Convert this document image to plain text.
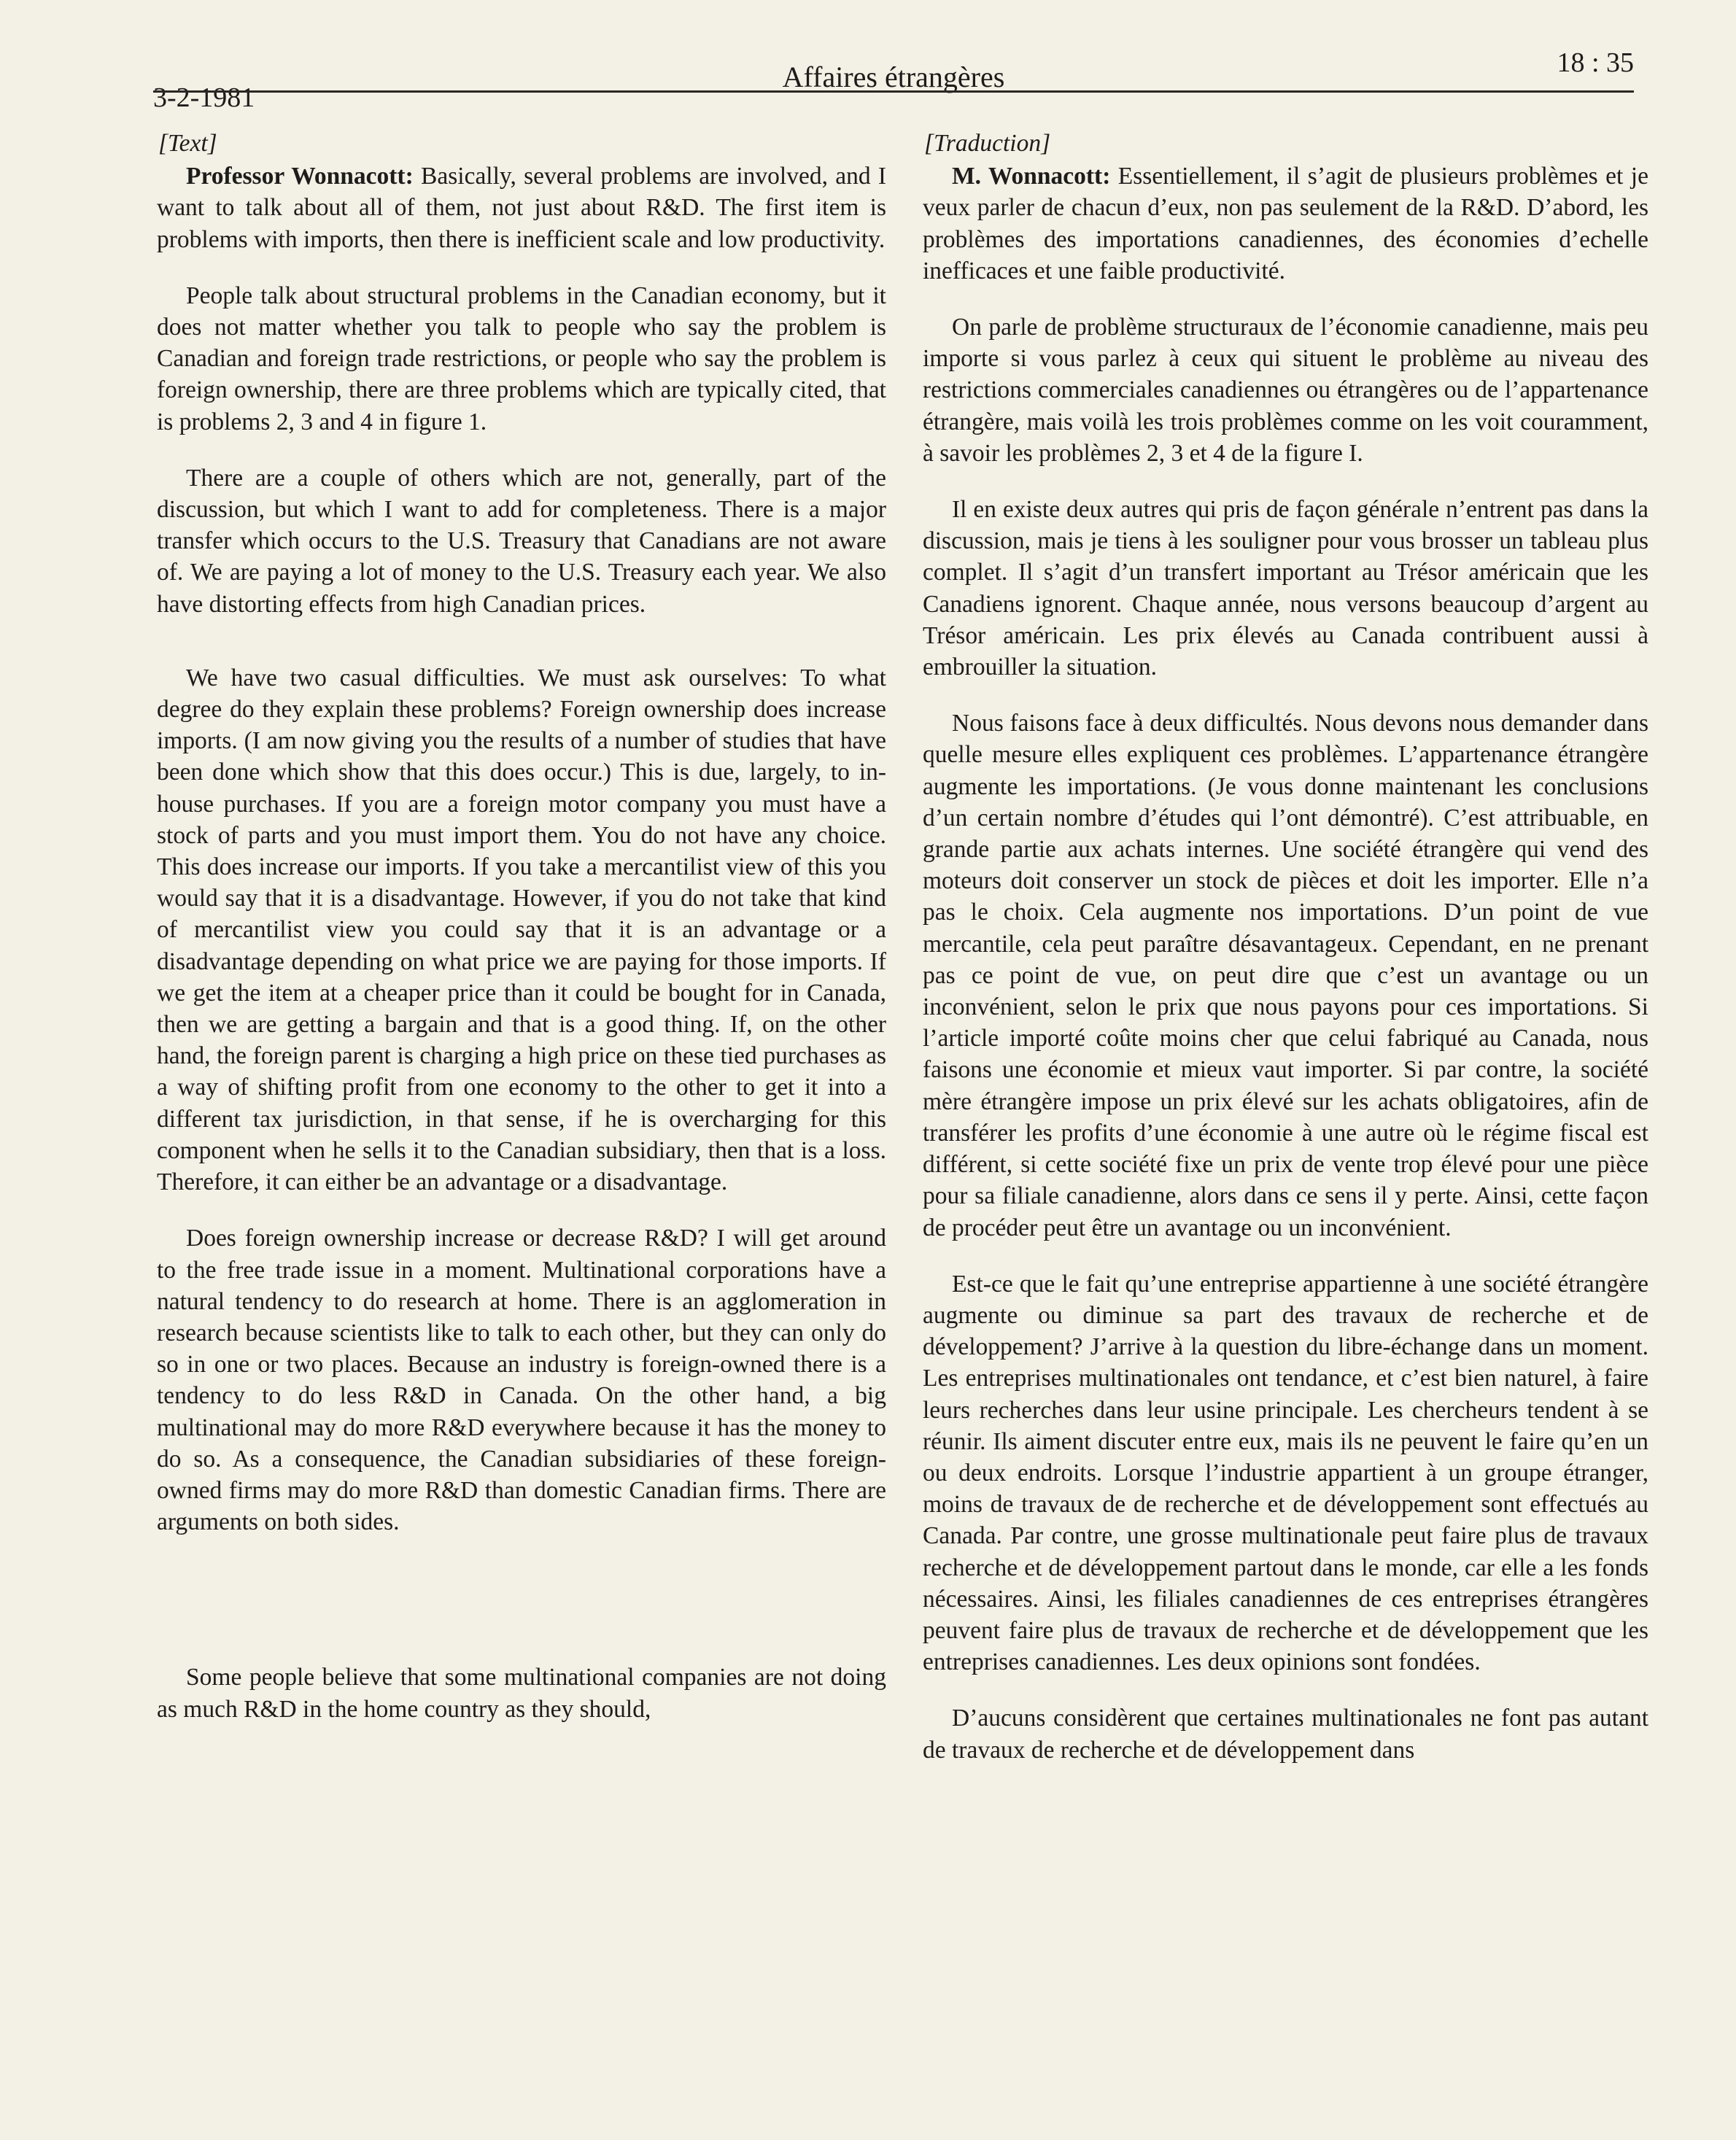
3-2-1981
Affaires étrangères	18 : 35
[Text]

Professor Wonnacott: Basically, several problems are involved, and I want to talk about all of them, not just about R&D. The first item is problems with imports, then there is inefficient scale and low productivity.

People talk about structural problems in the Canadian economy, but it does not matter whether you talk to people who say the problem is Canadian and foreign trade restrictions, or people who say the problem is foreign ownership, there are three problems which are typically cited, that is problems 2, 3 and 4 in figure 1.

There are a couple of others which are not, generally, part of the discussion, but which I want to add for completeness. There is a major transfer which occurs to the U.S. Treasury that Canadians are not aware of. We are paying a lot of money to the U.S. Treasury each year. We also have distorting effects from high Canadian prices.

We have two casual difficulties. We must ask ourselves: To what degree do they explain these problems? Foreign ownership does increase imports. (I am now giving you the results of a number of studies that have been done which show that this does occur.) This is due, largely, to in-house purchases. If you are a foreign motor company you must have a stock of parts and you must import them. You do not have any choice. This does increase our imports. If you take a mercantilist view of this you would say that it is a disadvantage. However, if you do not take that kind of mercantilist view you could say that it is an advantage or a disadvantage depending on what price we are paying for those imports. If we get the item at a cheaper price than it could be bought for in Canada, then we are getting a bargain and that is a good thing. If, on the other hand, the foreign parent is charging a high price on these tied purchases as a way of shifting profit from one economy to the other to get it into a different tax jurisdiction, in that sense, if he is overcharging for this component when he sells it to the Canadian subsidiary, then that is a loss. Therefore, it can either be an advantage or a disadvantage.

Does foreign ownership increase or decrease R&D? I will get around to the free trade issue in a moment. Multinational corporations have a natural tendency to do research at home. There is an agglomeration in research because scientists like to talk to each other, but they can only do so in one or two places. Because an industry is foreign-owned there is a tendency to do less R&D in Canada. On the other hand, a big multinational may do more R&D everywhere because it has the money to do so. As a consequence, the Canadian subsidiaries of these foreign-owned firms may do more R&D than domestic Canadian firms. There are arguments on both sides.

Some people believe that some multinational companies are not doing as much R&D in the home country as they should,

[Traduction]

M. Wonnacott: Essentiellement, il s’agit de plusieurs problèmes et je veux parler de chacun d’eux, non pas seulement de la R&D. D’abord, les problèmes des importations canadiennes, des économies d’echelle inefficaces et une faible productivité.

On parle de problème structuraux de l’économie canadienne, mais peu importe si vous parlez à ceux qui situent le problème au niveau des restrictions commerciales canadiennes ou étrangères ou de l’appartenance étrangère, mais voilà les trois problèmes comme on les voit couramment, à savoir les problèmes 2, 3 et 4 de la figure I.

Il en existe deux autres qui pris de façon générale n’entrent pas dans la discussion, mais je tiens à les souligner pour vous brosser un tableau plus complet. Il s’agit d’un transfert important au Trésor américain que les Canadiens ignorent. Chaque année, nous versons beaucoup d’argent au Trésor américain. Les prix élevés au Canada contribuent aussi à embrouiller la situation.

Nous faisons face à deux difficultés. Nous devons nous demander dans quelle mesure elles expliquent ces problèmes. L’appartenance étrangère augmente les importations. (Je vous donne maintenant les conclusions d’un certain nombre d’études qui l’ont démontré). C’est attribuable, en grande partie aux achats internes. Une société étrangère qui vend des moteurs doit conserver un stock de pièces et doit les importer. Elle n’a pas le choix. Cela augmente nos importations. D’un point de vue mercantile, cela peut paraître désavantageux. Cependant, en ne prenant pas ce point de vue, on peut dire que c’est un avantage ou un inconvénient, selon le prix que nous payons pour ces importations. Si l’article importé coûte moins cher que celui fabriqué au Canada, nous faisons une économie et mieux vaut importer. Si par contre, la société mère étrangère impose un prix élevé sur les achats obligatoires, afin de transférer les profits d’une économie à une autre où le régime fiscal est différent, si cette société fixe un prix de vente trop élevé pour une pièce pour sa filiale canadienne, alors dans ce sens il y perte. Ainsi, cette façon de procéder peut être un avantage ou un inconvénient.

Est-ce que le fait qu’une entreprise appartienne à une société étrangère augmente ou diminue sa part des travaux de recherche et de développement? J’arrive à la question du libre-échange dans un moment. Les entreprises multinationales ont tendance, et c’est bien naturel, à faire leurs recherches dans leur usine principale. Les chercheurs tendent à se réunir. Ils aiment discuter entre eux, mais ils ne peuvent le faire qu’en un ou deux endroits. Lorsque l’industrie appartient à un groupe étranger, moins de travaux de de recherche et de développement sont effectués au Canada. Par contre, une grosse multinationale peut faire plus de travaux recherche et de développement partout dans le monde, car elle a les fonds nécessaires. Ainsi, les filiales canadiennes de ces entreprises étrangères peuvent faire plus de travaux de recherche et de développement que les entreprises canadiennes. Les deux opinions sont fondées.

D’aucuns considèrent que certaines multinationales ne font pas autant de travaux de recherche et de développement dans
